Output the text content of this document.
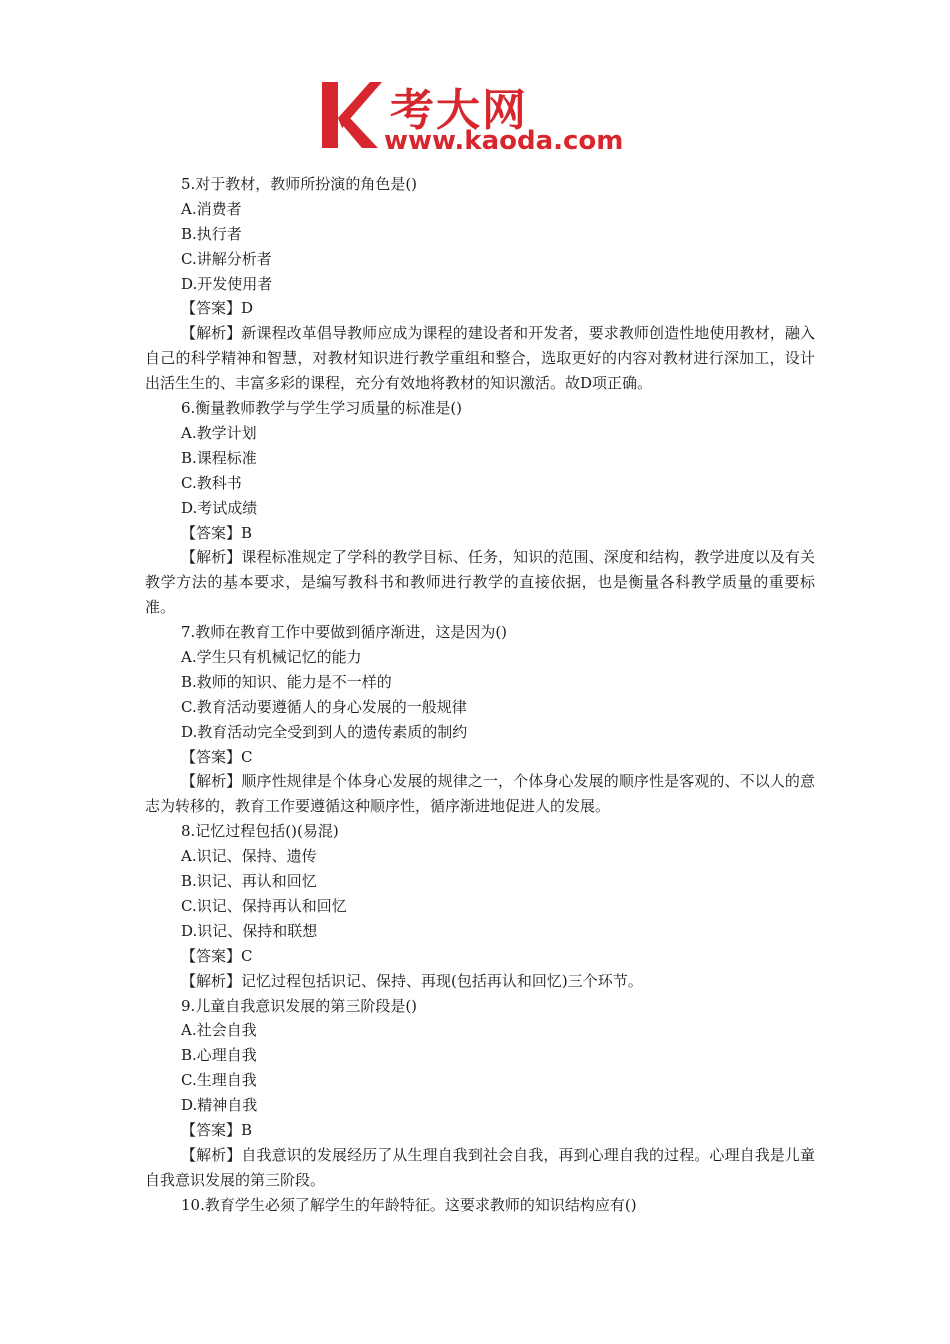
考大网
www.kaoda.com
5.对于教材，教师所扮演的角色是()
A.消费者
B.执行者
C.讲解分析者
D.开发使用者
【答案】D
【解析】新课程改革倡导教师应成为课程的建设者和开发者，要求教师创造性地使用教材，融入自己的科学精神和智慧，对教材知识进行教学重组和整合，选取更好的内容对教材进行深加工，设计出活生生的、丰富多彩的课程，充分有效地将教材的知识激活。故D项正确。
6.衡量教师教学与学生学习质量的标准是()
A.教学计划
B.课程标准
C.教科书
D.考试成绩
【答案】B
【解析】课程标准规定了学科的教学目标、任务，知识的范围、深度和结构，教学进度以及有关教学方法的基本要求，是编写教科书和教师进行教学的直接依据，也是衡量各科教学质量的重要标准。
7.教师在教育工作中要做到循序渐进，这是因为()
A.学生只有机械记忆的能力
B.救师的知识、能力是不一样的
C.教育活动要遵循人的身心发展的一般规律
D.教育活动完全受到到人的遗传素质的制约
【答案】C
【解析】顺序性规律是个体身心发展的规律之一，个体身心发展的顺序性是客观的、不以人的意志为转移的，教育工作要遵循这种顺序性，循序渐进地促进人的发展。
8.记忆过程包括()(易混)
A.识记、保持、遗传
B.识记、再认和回忆
C.识记、保持再认和回忆
D.识记、保持和联想
【答案】C
【解析】记忆过程包括识记、保持、再现(包括再认和回忆)三个环节。
9.儿童自我意识发展的第三阶段是()
A.社会自我
B.心理自我
C.生理自我
D.精神自我
【答案】B
【解析】自我意识的发展经历了从生理自我到社会自我，再到心理自我的过程。心理自我是儿童自我意识发展的第三阶段。
10.教育学生必须了解学生的年龄特征。这要求教师的知识结构应有()
